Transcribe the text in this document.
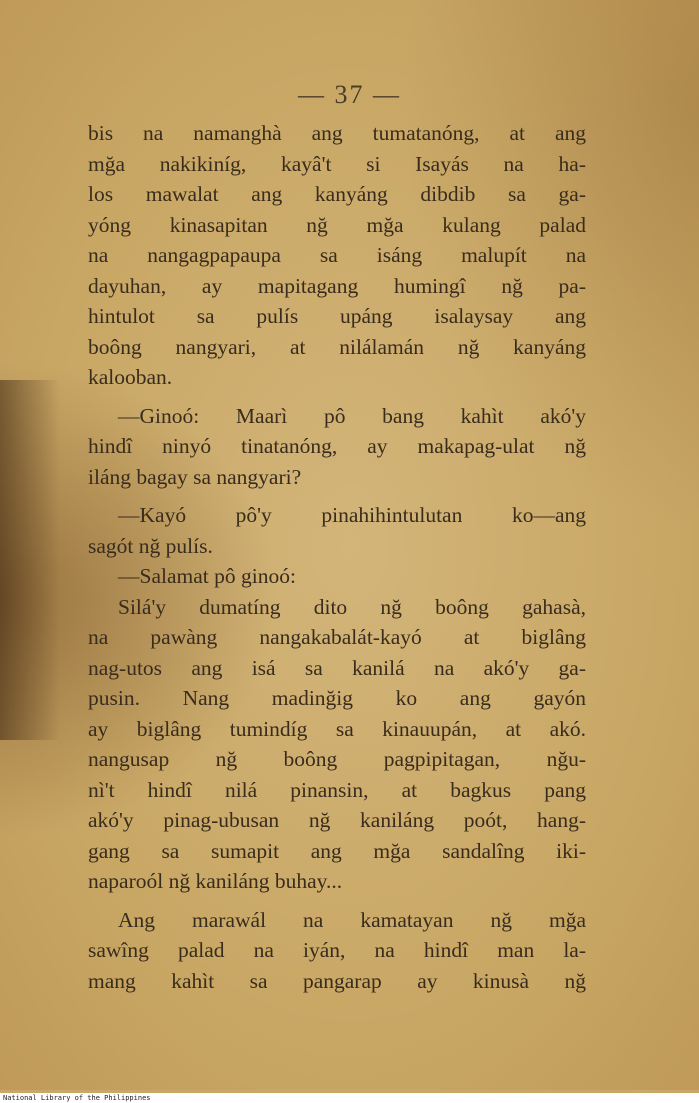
— 37 —
bis na namanghà ang tumatanóng, at ang
mğa nakikiníg, kayâ't si Isayás na ha-
los mawalat ang kanyáng dibdib sa ga-
yóng kinasapitan nğ mğa kulang palad
na nangagpapaupa sa isáng malupít na
dayuhan, ay mapitagang humingî nğ pa-
hintulot sa pulís upáng isalaysay ang
boông nangyari, at nilálamán nğ kanyáng
kalooban.
—Ginoó: Maarì pô bang kahìt akó'y
hindî ninyó tinatanóng, ay makapag-ulat nğ
iláng bagay sa nangyari?
—Kayó pô'y pinahihintulutan ko—ang
sagót nğ pulís.
—Salamat pô ginoó:
Silá'y dumatíng dito nğ boông gahasà,
na pawàng nangakabalát-kayó at biglâng
nag-utos ang isá sa kanilá na akó'y ga-
pusin. Nang madinğig ko ang gayón
ay biglâng tumindíg sa kinauupán, at akó.
nangusap nğ boông pagpipitagan, nğu-
nì't hindî nilá pinansin, at bagkus pang
akó'y pinag-ubusan nğ kaniláng poót, hang-
gang sa sumapit ang mğa sandalîng iki-
naparoól nğ kaniláng buhay...
Ang marawál na kamatayan nğ mğa
sawîng palad na iyán, na hindî man la-
mang kahìt sa pangarap ay kinusà nğ
National Library of the Philippines
